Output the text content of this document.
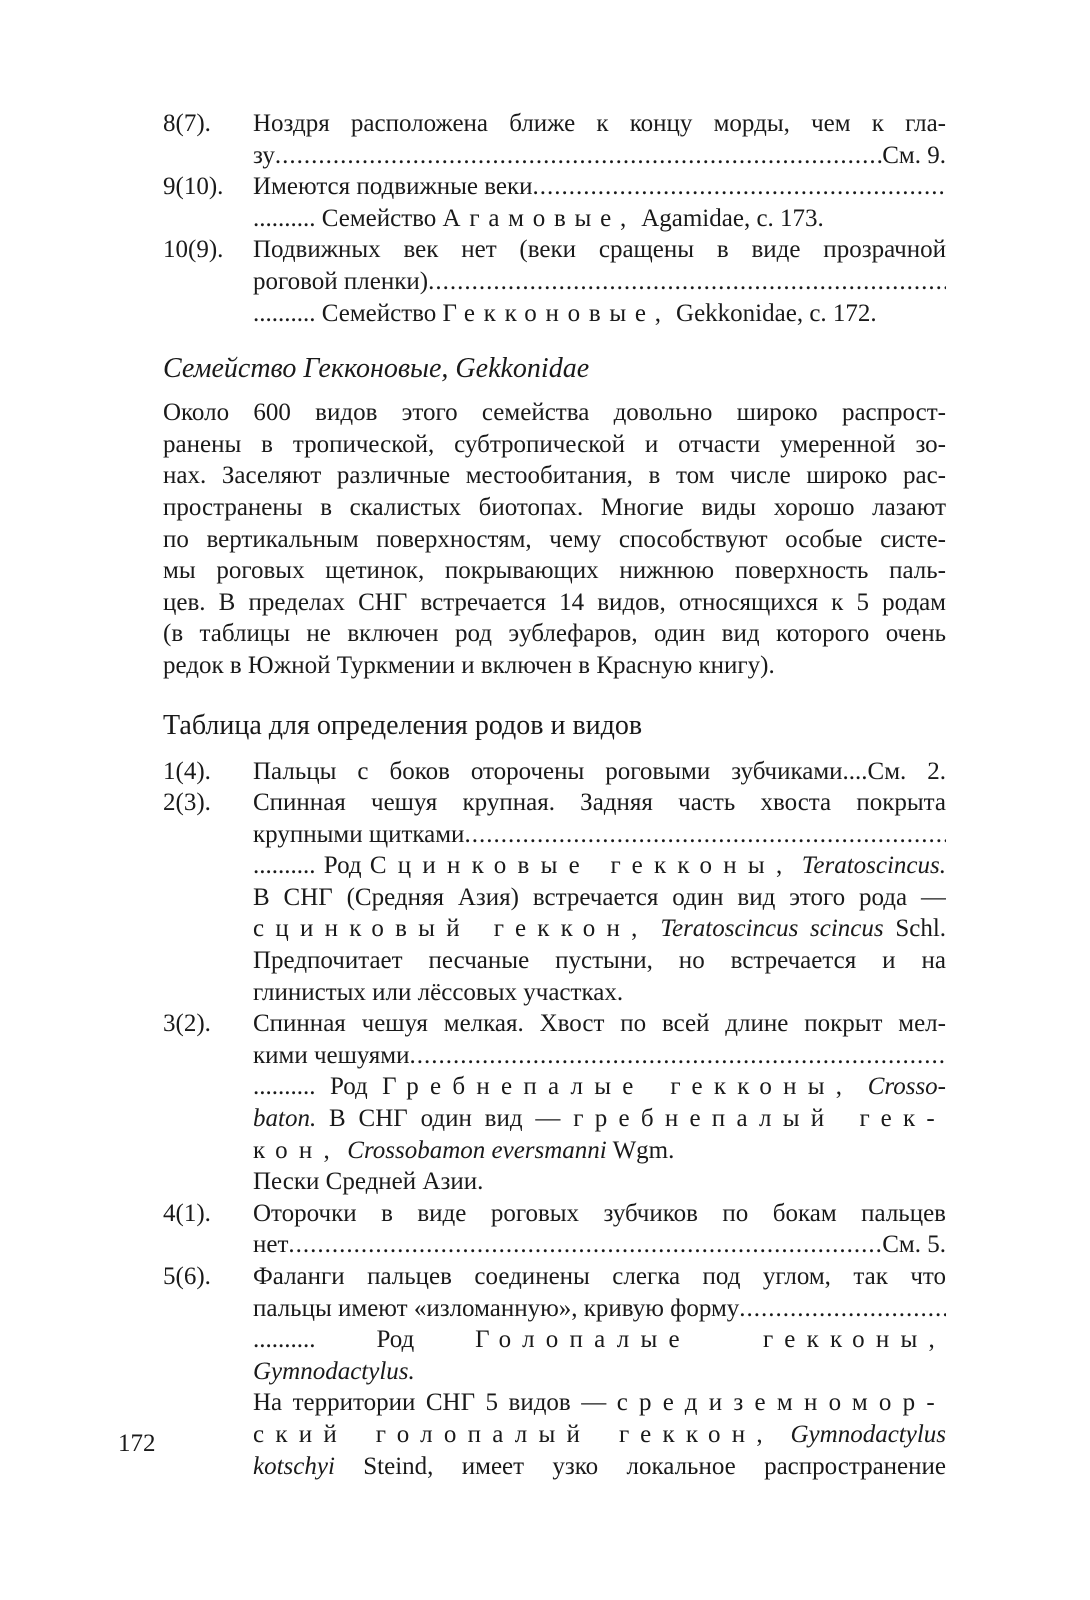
8(7).	Ноздря расположена ближе к концу морды, чем к гла-
зу .....	См. 9.
9(10).	Имеются подвижные веки
.....
.......... Семейство Агамовые, Agamidae, с. 173.
10(9).	Подвижных век нет (веки сращены в виде прозрачной
роговой пленки)
.....
.......... Семейство Гекконовые, Gekkonidae, с. 172.
Семейство Гекконовые, Gekkonidae
Около 600 видов этого семейства довольно широко распрост-
ранены в тропической, субтропической и отчасти умеренной зо-
нах. Заселяют различные местообитания, в том числе широко рас-
пространены в скалистых биотопах. Многие виды хорошо лазают
по вертикальным поверхностям, чему способствуют особые систе-
мы роговых щетинок, покрывающих нижнюю поверхность паль-
цев. В пределах СНГ встречается 14 видов, относящихся к 5 родам
(в таблицы не включен род эублефаров, один вид которого очень
редок в Южной Туркмении и включен в Красную книгу).
Таблица для определения родов и видов
1(4).	Пальцы с боков оторочены роговыми зубчиками....См. 2.
2(3).	Спинная чешуя крупная. Задняя часть хвоста покрыта
крупными щитками
.....
.......... Род Сцинковые гекконы, Teratoscincus.
В СНГ (Средняя Азия) встречается один вид этого рода —
сцинковый геккон, Teratoscincus scincus Schl.
Предпочитает песчаные пустыни, но встречается и на
глинистых или лёссовых участках.
3(2).	Спинная чешуя мелкая. Хвост по всей длине покрыт мел-
кими чешуями
.....
.......... Род Гребнепалые гекконы, Crosso-
batоn. В СНГ один вид — гребнепалый гек-
кон, Crossobamon eversmanni Wgm.
Пески Средней Азии.
4(1).	Оторочки в виде роговых зубчиков по бокам пальцев
нет .....	См. 5.
5(6).	Фаланги пальцев соединены слегка под углом, так что
пальцы имеют «изломанную», кривую форму
.....
.......... Род Голопалые гекконы, Gymnodactylus.
На территории СНГ 5 видов — средиземномор-
ский голопалый геккон, Gymnodactylus
kotschyi Steind, имеет узко локальное распространение
172
